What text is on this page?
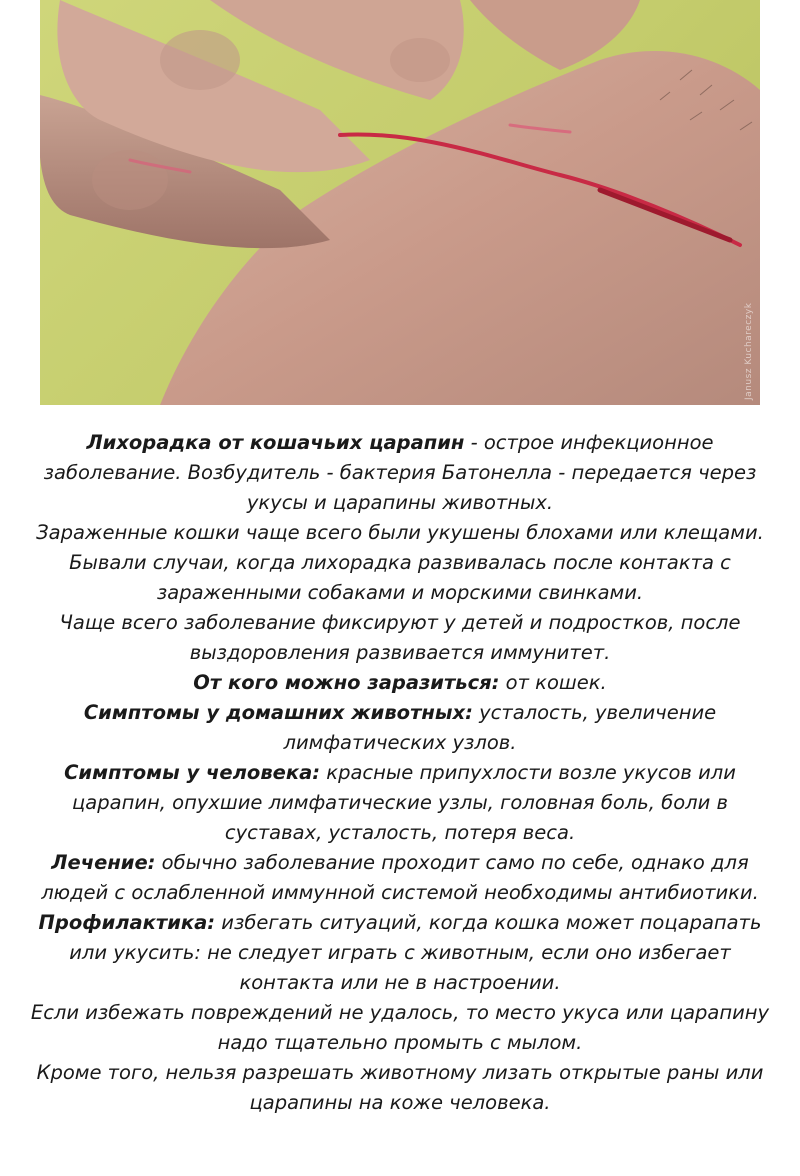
Janusz Kuchareczyk

Лихорадка от кошачьих царапин - острое инфекционное заболевание. Возбудитель - бактерия Батонелла - передается через укусы и царапины животных.

Зараженные кошки чаще всего были укушены блохами или клещами. Бывали случаи, когда лихорадка развивалась после контакта с зараженными собаками и морскими свинками.

Чаще всего заболевание фиксируют у детей и подростков, после выздоровления развивается иммунитет.

От кого можно заразиться: от кошек.

Симптомы у домашних животных: усталость, увеличение лимфатических узлов.

Симптомы у человека: красные припухлости возле укусов или царапин, опухшие лимфатические узлы, головная боль, боли в суставах, усталость, потеря веса.

Лечение: обычно заболевание проходит само по себе, однако для людей с ослабленной иммунной системой необходимы антибиотики.

Профилактика: избегать ситуаций, когда кошка может поцарапать или укусить: не следует играть с животным, если оно избегает контакта или не в настроении.

Если избежать повреждений не удалось, то место укуса или царапину надо тщательно промыть с мылом.

Кроме того, нельзя разрешать животному лизать открытые раны или царапины на коже человека.
